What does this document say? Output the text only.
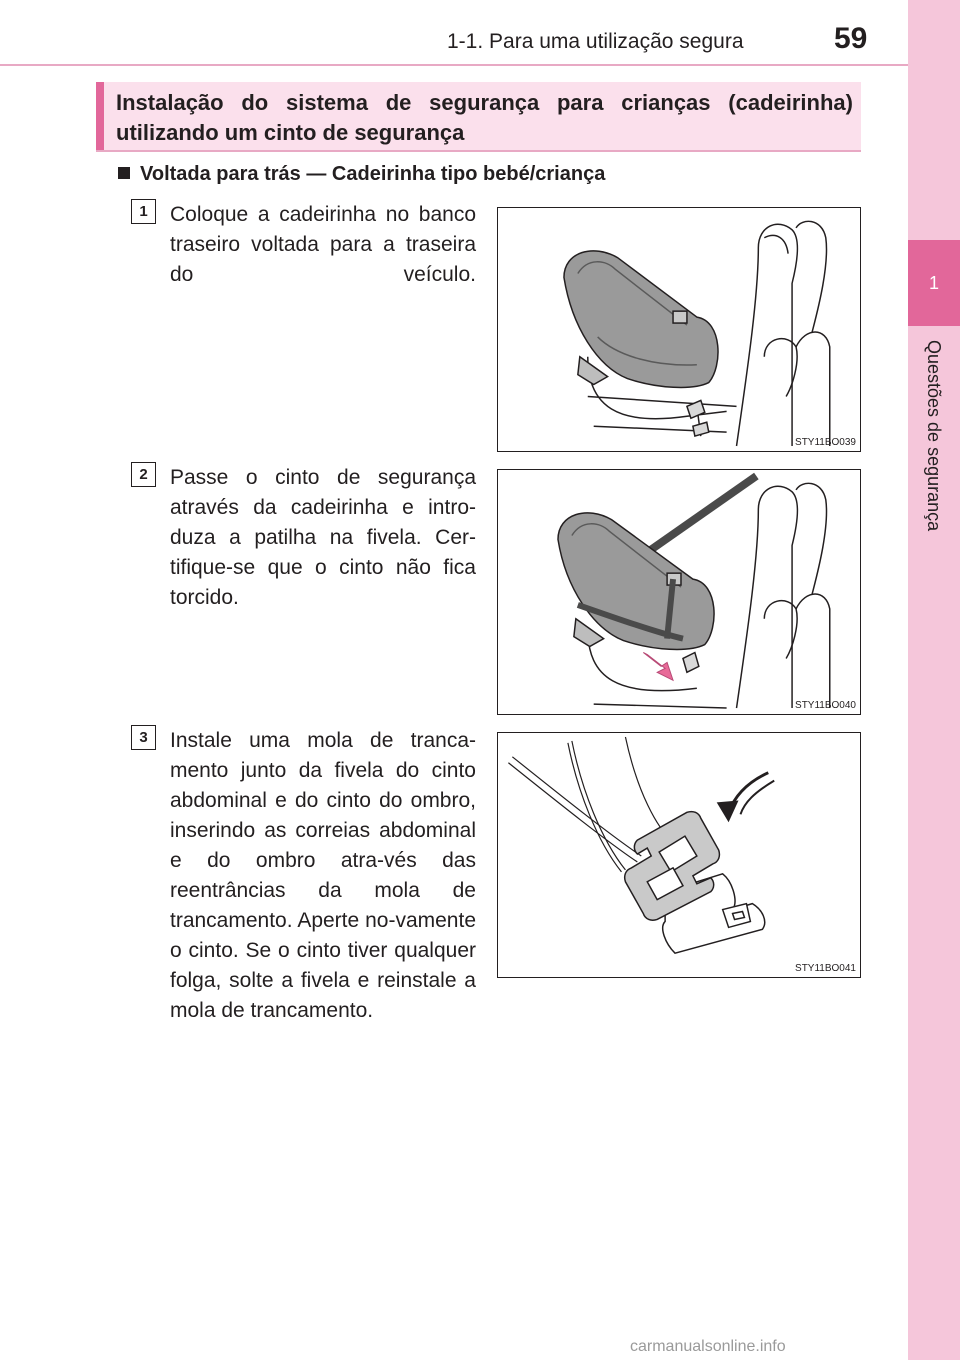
1-1. Para uma utilização segura	59
1
Questões de segurança
Instalação do sistema de segurança para crianças (cadeirinha) utilizando um cinto de segurança
Voltada para trás — Cadeirinha tipo bebé/criança
1	Coloque a cadeirinha no banco traseiro voltada para a traseira do veículo.
STY11BO039
2	Passe o cinto de segurança através da cadeirinha e intro-duza a patilha na fivela. Cer-tifique-se que o cinto não fica torcido.
STY11BO040
3	Instale uma mola de tranca-mento junto da fivela do cinto abdominal e do cinto do ombro, inserindo as correias abdominal e do ombro atra-vés das reentrâncias da mola de trancamento. Aperte no-vamente o cinto. Se o cinto tiver qualquer folga, solte a fivela e reinstale a mola de trancamento.
STY11BO041
carmanualsonline.info
